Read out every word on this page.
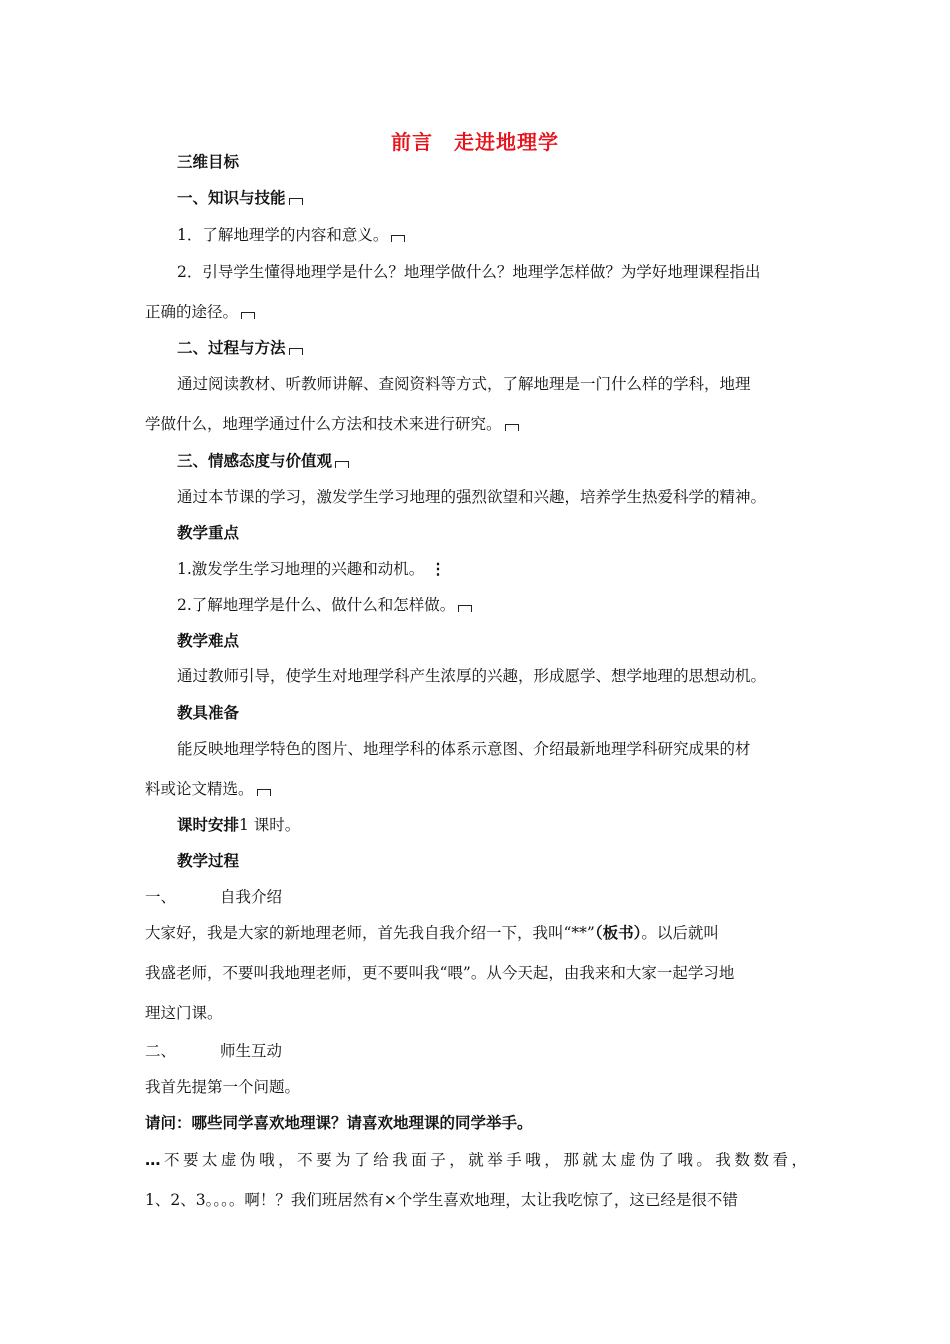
前言　走进地理学
三维目标
一、知识与技能
1．了解地理学的内容和意义。
2．引导学生懂得地理学是什么？地理学做什么？地理学怎样做？为学好地理课程指出
正确的途径。
二、过程与方法
通过阅读教材、听教师讲解、查阅资料等方式，了解地理是一门什么样的学科，地理
学做什么，地理学通过什么方法和技术来进行研究。
三、情感态度与价值观
通过本节课的学习，激发学生学习地理的强烈欲望和兴趣，培养学生热爱科学的精神。
教学重点
1.激发学生学习地理的兴趣和动机。 ⋮
2.了解地理学是什么、做什么和怎样做。
教学难点
通过教师引导，使学生对地理学科产生浓厚的兴趣，形成愿学、想学地理的思想动机。
教具准备
能反映地理学特色的图片、地理学科的体系示意图、介绍最新地理学科研究成果的材
料或论文精选。
课时安排1 课时。
教学过程
一、	自我介绍
大家好，我是大家的新地理老师，首先我自我介绍一下，我叫“**”（板书）。以后就叫
我盛老师，不要叫我地理老师，更不要叫我“喂”。从今天起，由我来和大家一起学习地
理这门课。
二、	师生互动
我首先提第一个问题。
请问：哪些同学喜欢地理课？请喜欢地理课的同学举手。
…不要太虚伪哦，不要为了给我面子，就举手哦，那就太虚伪了哦。我数数看，
1、2、3。。。。啊！？我们班居然有×个学生喜欢地理，太让我吃惊了，这已经是很不错
